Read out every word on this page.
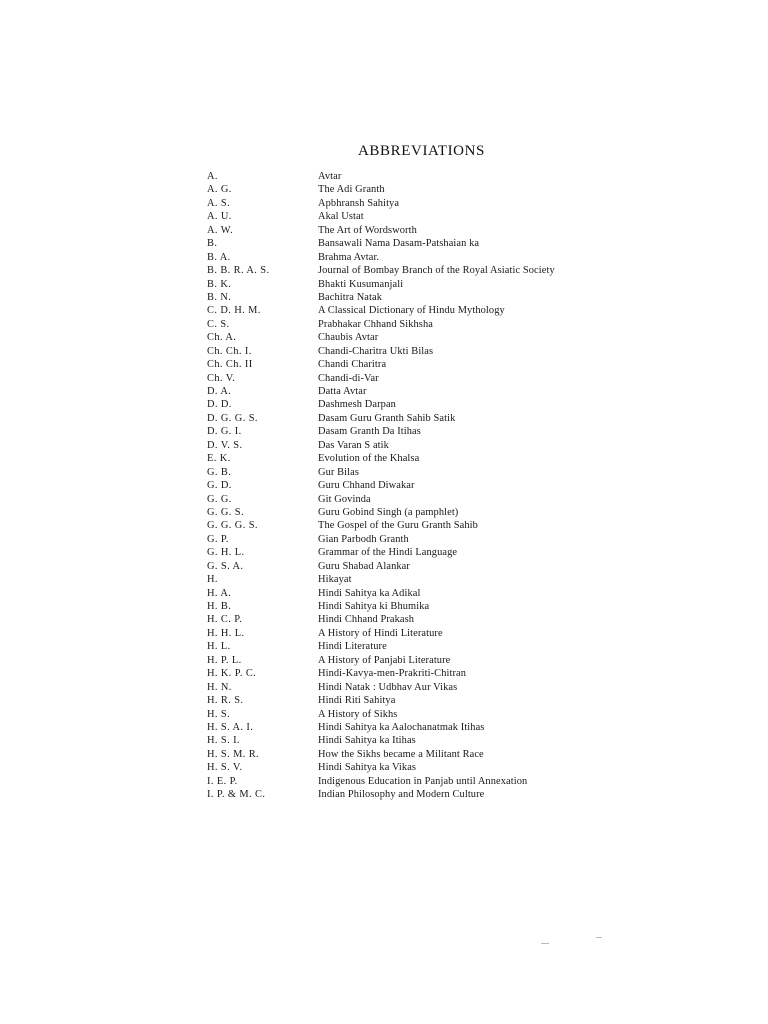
ABBREVIATIONS
A.	Avtar
A. G.	The Adi Granth
A. S.	Apbhransh Sahitya
A. U.	Akal Ustat
A. W.	The Art of Wordsworth
B.	Bansawali Nama Dasam-Patshaian ka
B. A.	Brahma Avtar.
B. B. R. A. S.	Journal of Bombay Branch of the Royal Asiatic Society
B. K.	Bhakti Kusumanjali
B. N.	Bachitra Natak
C. D. H. M.	A Classical Dictionary of Hindu Mythology
C. S.	Prabhakar Chhand Sikhsha
Ch. A.	Chaubis Avtar
Ch. Ch. I.	Chandi-Charitra Ukti Bilas
Ch. Ch. II	Chandi Charitra
Ch. V.	Chandi-di-Var
D. A.	Datta Avtar
D. D.	Dashmesh Darpan
D. G. G. S.	Dasam Guru Granth Sahib Satik
D. G. I.	Dasam Granth Da Itihas
D. V. S.	Das Varan S atik
E. K.	Evolution of the Khalsa
G. B.	Gur Bilas
G. D.	Guru Chhand Diwakar
G. G.	Git Govinda
G. G. S.	Guru Gobind Singh (a pamphlet)
G. G. G. S.	The Gospel of the Guru Granth Sahib
G. P.	Gian Parbodh Granth
G. H. L.	Grammar of the Hindi Language
G. S. A.	Guru Shabad Alankar
H.	Hikayat
H. A.	Hindi Sahitya ka Adikal
H. B.	Hindi Sahitya ki Bhumika
H. C. P.	Hindi Chhand Prakash
H. H. L.	A History of Hindi Literature
H. L.	Hindi Literature
H. P. L.	A History of Panjabi Literature
H. K. P. C.	Hindi-Kavya-men-Prakriti-Chitran
H. N.	Hindi Natak : Udbhav Aur Vikas
H. R. S.	Hindi Riti Sahitya
H. S.	A History of Sikhs
H. S. A. I.	Hindi Sahitya ka Aalochanatmak Itihas
H. S. I.	Hindi Sahitya ka Itihas
H. S. M. R.	How the Sikhs became a Militant Race
H. S. V.	Hindi Sahitya ka Vikas
I. E. P.	Indigenous Education in Panjab until Annexation
I. P. & M. C.	Indian Philosophy and Modern Culture
